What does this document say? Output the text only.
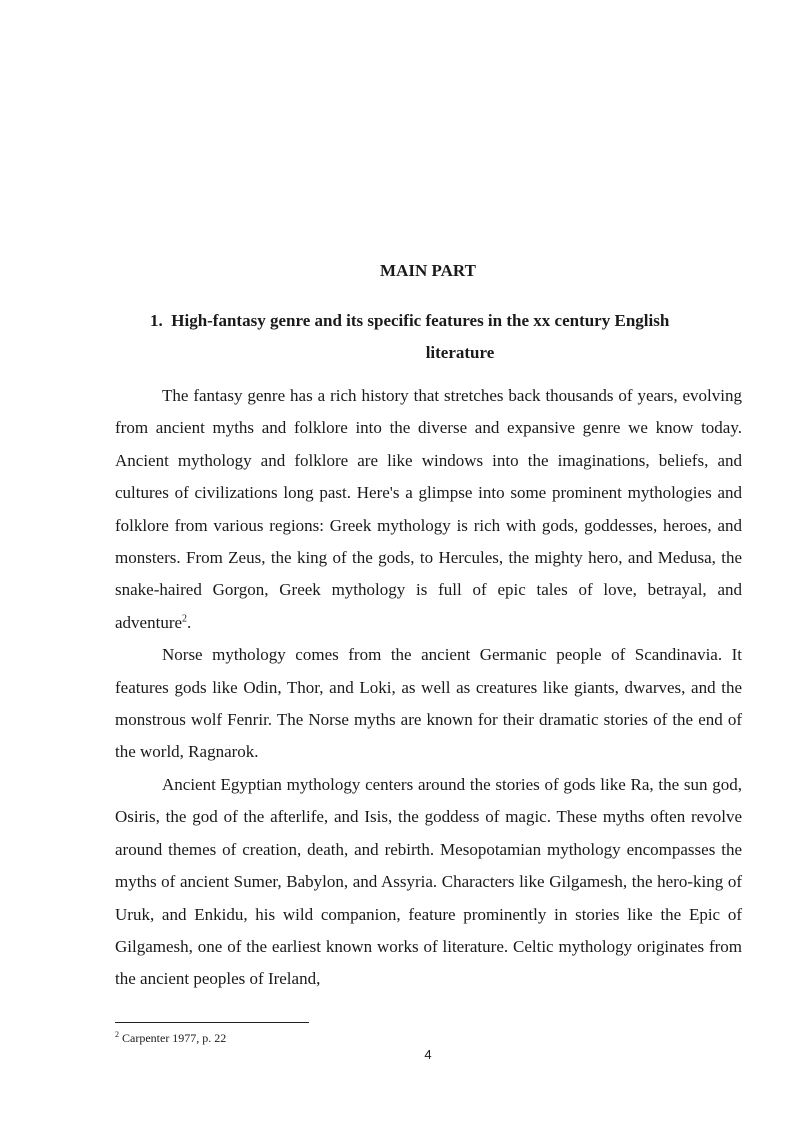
MAIN PART
1. High-fantasy genre and its specific features in the xx century English
literature

The fantasy genre has a rich history that stretches back thousands of years, evolving from ancient myths and folklore into the diverse and expansive genre we know today. Ancient mythology and folklore are like windows into the imaginations, beliefs, and cultures of civilizations long past. Here's a glimpse into some prominent mythologies and folklore from various regions: Greek mythology is rich with gods, goddesses, heroes, and monsters. From Zeus, the king of the gods, to Hercules, the mighty hero, and Medusa, the snake-haired Gorgon, Greek mythology is full of epic tales of love, betrayal, and adventure$^2$.

Norse mythology comes from the ancient Germanic people of Scandinavia. It features gods like Odin, Thor, and Loki, as well as creatures like giants, dwarves, and the monstrous wolf Fenrir. The Norse myths are known for their dramatic stories of the end of the world, Ragnarok.

Ancient Egyptian mythology centers around the stories of gods like Ra, the sun god, Osiris, the god of the afterlife, and Isis, the goddess of magic. These myths often revolve around themes of creation, death, and rebirth. Mesopotamian mythology encompasses the myths of ancient Sumer, Babylon, and Assyria. Characters like Gilgamesh, the hero-king of Uruk, and Enkidu, his wild companion, feature prominently in stories like the Epic of Gilgamesh, one of the earliest known works of literature. Celtic mythology originates from the ancient peoples of Ireland,

$^2$ Carpenter 1977, p. 22

4
